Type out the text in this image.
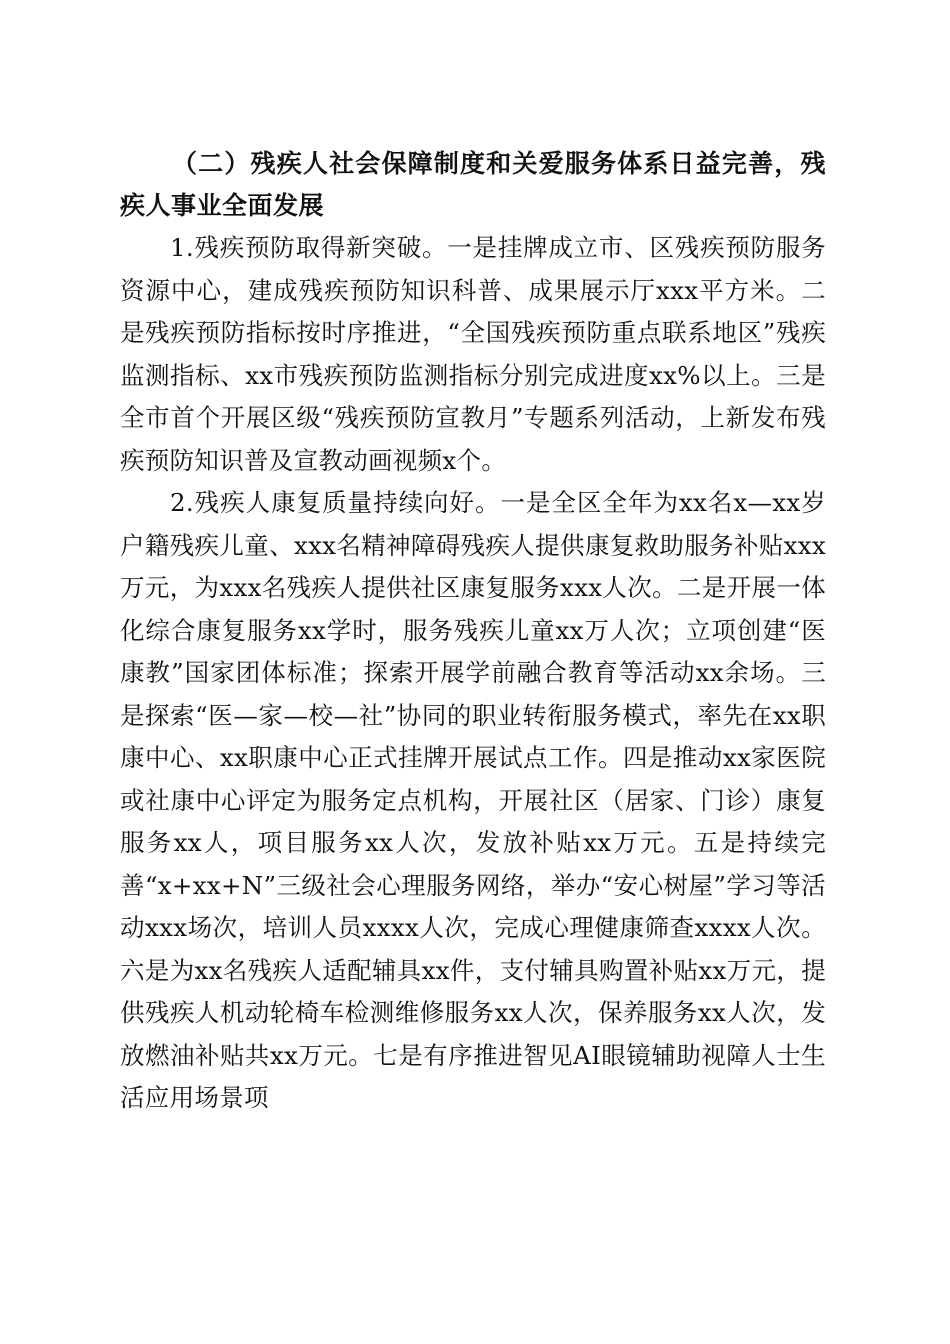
（二）残疾人社会保障制度和关爱服务体系日益完善，残疾人事业全面发展

1.残疾预防取得新突破。一是挂牌成立市、区残疾预防服务资源中心，建成残疾预防知识科普、成果展示厅xxx平方米。二是残疾预防指标按时序推进，“全国残疾预防重点联系地区”残疾监测指标、xx市残疾预防监测指标分别完成进度xx%以上。三是全市首个开展区级“残疾预防宣教月”专题系列活动，上新发布残疾预防知识普及宣教动画视频x个。

2.残疾人康复质量持续向好。一是全区全年为xx名x—xx岁户籍残疾儿童、xxx名精神障碍残疾人提供康复救助服务补贴xxx万元，为xxx名残疾人提供社区康复服务xxx人次。二是开展一体化综合康复服务xx学时，服务残疾儿童xx万人次；立项创建“医康教”国家团体标准；探索开展学前融合教育等活动xx余场。三是探索“医—家—校—社”协同的职业转衔服务模式，率先在xx职康中心、xx职康中心正式挂牌开展试点工作。四是推动xx家医院或社康中心评定为服务定点机构，开展社区（居家、门诊）康复服务xx人，项目服务xx人次，发放补贴xx万元。五是持续完善“x+xx+N”三级社会心理服务网络，举办“安心树屋”学习等活动xxx场次，培训人员xxxx人次，完成心理健康筛查xxxx人次。六是为xx名残疾人适配辅具xx件，支付辅具购置补贴xx万元，提供残疾人机动轮椅车检测维修服务xx人次，保养服务xx人次，发放燃油补贴共xx万元。七是有序推进智见AI眼镜辅助视障人士生活应用场景项
